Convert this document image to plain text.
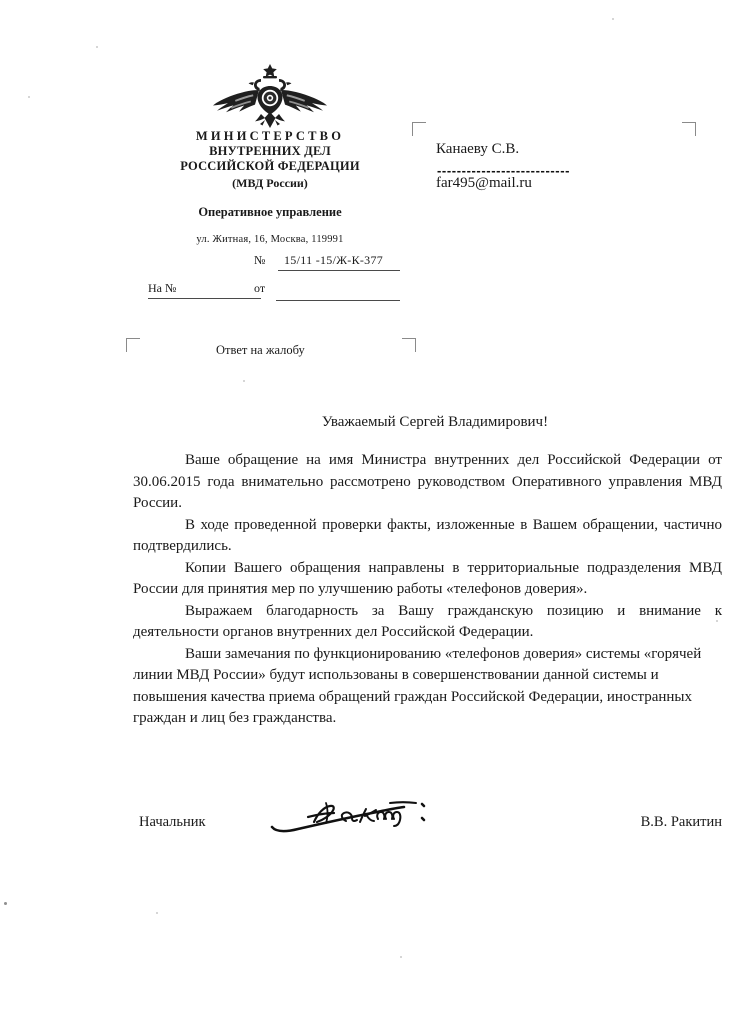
МИНИСТЕРСТВО
ВНУТРЕННИХ ДЕЛ
РОССИЙСКОЙ ФЕДЕРАЦИИ
(МВД России)
Оперативное управление
ул. Житная, 16, Москва, 119991
№ 15/11 -15/Ж-К-377
На №	от
Канаеву С.В.
---------------------------
far495@mail.ru
Ответ на жалобу
Уважаемый Сергей Владимирович!

Ваше обращение на имя Министра внутренних дел Российской Федерации от 30.06.2015 года внимательно рассмотрено руководством Оперативного управления МВД России.

В ходе проведенной проверки факты, изложенные в Вашем обращении, частично подтвердились.

Копии Вашего обращения направлены в территориальные подразделения МВД России для принятия мер по улучшению работы «телефонов доверия».

Выражаем благодарность за Вашу гражданскую позицию и внимание к деятельности органов внутренних дел Российской Федерации.

Ваши замечания по функционированию «телефонов доверия» системы «горячей линии МВД России» будут использованы в совершенствовании данной системы и повышения качества приема обращений граждан Российской Федерации, иностранных граждан и лиц без гражданства.

Начальник	В.В. Ракитин
